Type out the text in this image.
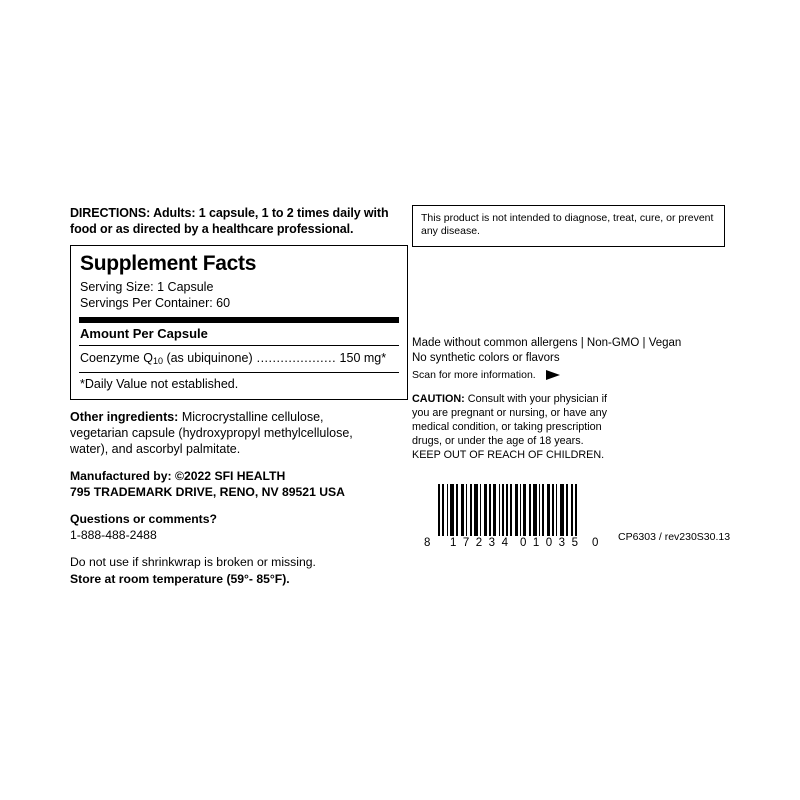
DIRECTIONS: Adults: 1 capsule, 1 to 2 times daily with food or as directed by a healthcare professional.

Supplement Facts
Serving Size: 1 Capsule
Servings Per Container: 60
Amount Per Capsule
Coenzyme $Q_{10}$ (as ubiquinone) .................... 150 mg*
*Daily Value not established.

Other ingredients: Microcrystalline cellulose, vegetarian capsule (hydroxypropyl methylcellulose, water), and ascorbyl palmitate.

Manufactured by: ©2022 SFI HEALTH
795 TRADEMARK DRIVE, RENO, NV 89521 USA
Questions or comments?
1-888-488-2488
Do not use if shrinkwrap is broken or missing.
Store at room temperature (59°- 85°F).
This product is not intended to diagnose, treat, cure, or prevent any disease.
Made without common allergens | Non-GMO | Vegan
No synthetic colors or flavors
Scan for more information.
CAUTION: Consult with your physician if you are pregnant or nursing, or have any medical condition, or taking prescription drugs, or under the age of 18 years.
KEEP OUT OF REACH OF CHILDREN.
8 17234 01035 0 CP6303 / rev230S30.13
